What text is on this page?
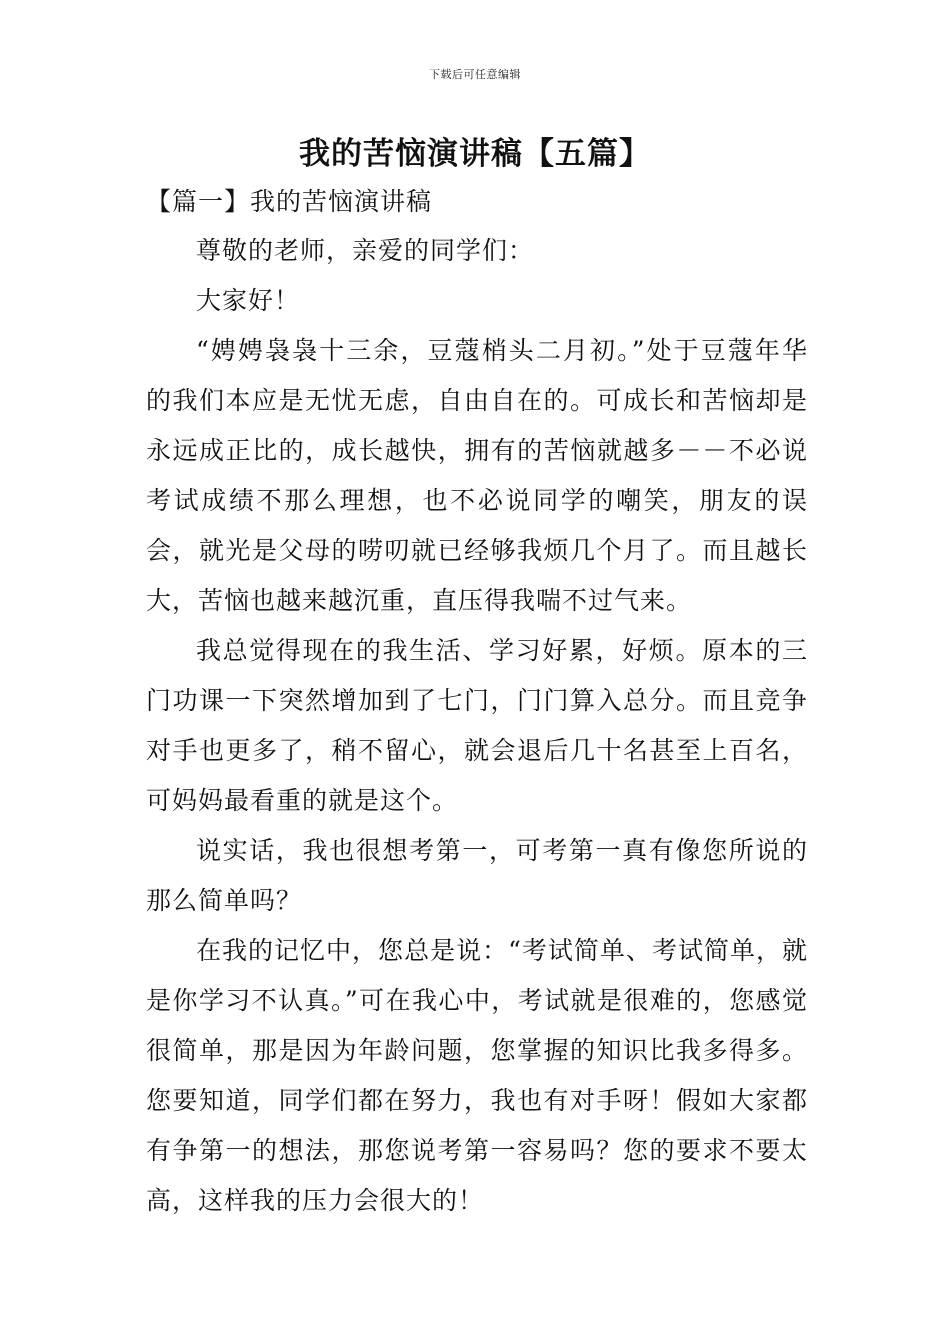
下载后可任意编辑
我的苦恼演讲稿【五篇】
【篇一】我的苦恼演讲稿

尊敬的老师，亲爱的同学们：

大家好！

“娉娉袅袅十三余，豆蔻梢头二月初。”处于豆蔻年华的我们本应是无忧无虑，自由自在的。可成长和苦恼却是永远成正比的，成长越快，拥有的苦恼就越多－－不必说考试成绩不那么理想，也不必说同学的嘲笑，朋友的误会，就光是父母的唠叨就已经够我烦几个月了。而且越长大，苦恼也越来越沉重，直压得我喘不过气来。

我总觉得现在的我生活、学习好累，好烦。原本的三门功课一下突然增加到了七门，门门算入总分。而且竞争对手也更多了，稍不留心，就会退后几十名甚至上百名，可妈妈最看重的就是这个。

说实话，我也很想考第一，可考第一真有像您所说的那么简单吗？

在我的记忆中，您总是说：“考试简单、考试简单，就是你学习不认真。”可在我心中，考试就是很难的，您感觉很简单，那是因为年龄问题，您掌握的知识比我多得多。您要知道，同学们都在努力，我也有对手呀！假如大家都有争第一的想法，那您说考第一容易吗？您的要求不要太高，这样我的压力会很大的！
